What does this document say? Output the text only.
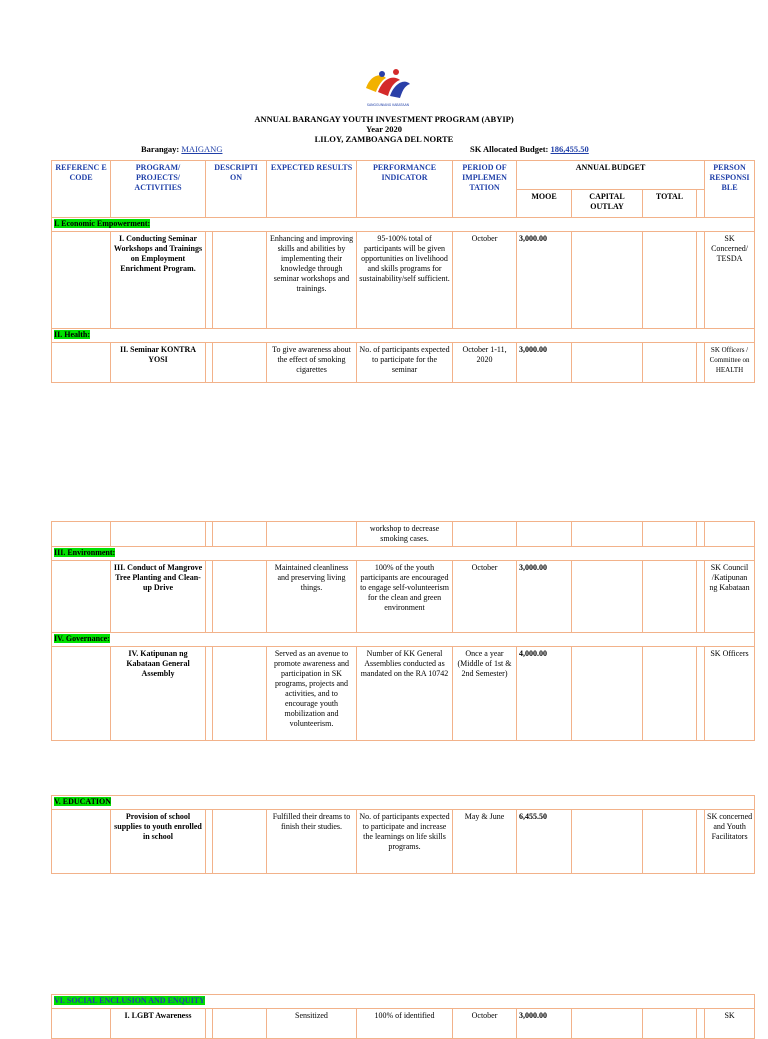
SANGGUNIANG KABATAAN
ANNUAL BARANGAY YOUTH INVESTMENT PROGRAM (ABYIP)
Year 2020
LILOY, ZAMBOANGA DEL NORTE
Barangay: MAIGANG	SK Allocated Budget: 186,455.50
REFERENC E CODE	PROGRAM/ PROJECTS/ ACTIVITIES	DESCRIPTI ON		EXPECTED RESULTS	PERFORMANCE INDICATOR	PERIOD OF IMPLEMEN TATION	ANNUAL BUDGET				PERSON RESPONSI BLE
							MOOE	CAPITAL OUTLAY	TOTAL		
I. Economic Empowerment:											
	I. Conducting Seminar Workshops and Trainings on Employment Enrichment Program.			Enhancing and improving skills and abilities by implementing their knowledge through seminar workshops and trainings.	95-100% total of participants will be given opportunities on livelihood and skills programs for sustainability/self sufficient.	October	3,000.00				SK Concerned/ TESDA
II. Health:											
	II. Seminar KONTRA YOSI			To give awareness about the effect of smoking cigarettes	No. of participants expected to participate for the seminar	October 1-11, 2020	3,000.00				SK Officers / Committee on HEALTH
					workshop to decrease smoking cases.						
III. Environment:											
	III. Conduct of Mangrove Tree Planting and Clean-up Drive			Maintained cleanliness and preserving living things.	100% of the youth participants are encouraged to engage self-volunteerism for the clean and green environment	October	3,000.00				SK Council /Katipunan ng Kabataan
IV. Governance:											
	IV. Katipunan ng Kabataan General Assembly			Served as an avenue to promote awareness and participation in SK programs, projects and activities, and to encourage youth mobilization and volunteerism.	Number of KK General Assemblies conducted as mandated on the RA 10742	Once a year (Middle of 1st & 2nd Semester)	4,000.00				SK Officers
V. EDUCATION
	Provision of school supplies to youth enrolled in school			Fulfilled their dreams to finish their studies.	No. of participants expected to participate and increase the learnings on life skills programs.	May & June	6,455.50				SK concerned and Youth Facilitators
VI. SOCIAL ENCLUSION AND ENQUITY
	I. LGBT Awareness			Sensitized	100% of identified	October	3,000.00				SK
